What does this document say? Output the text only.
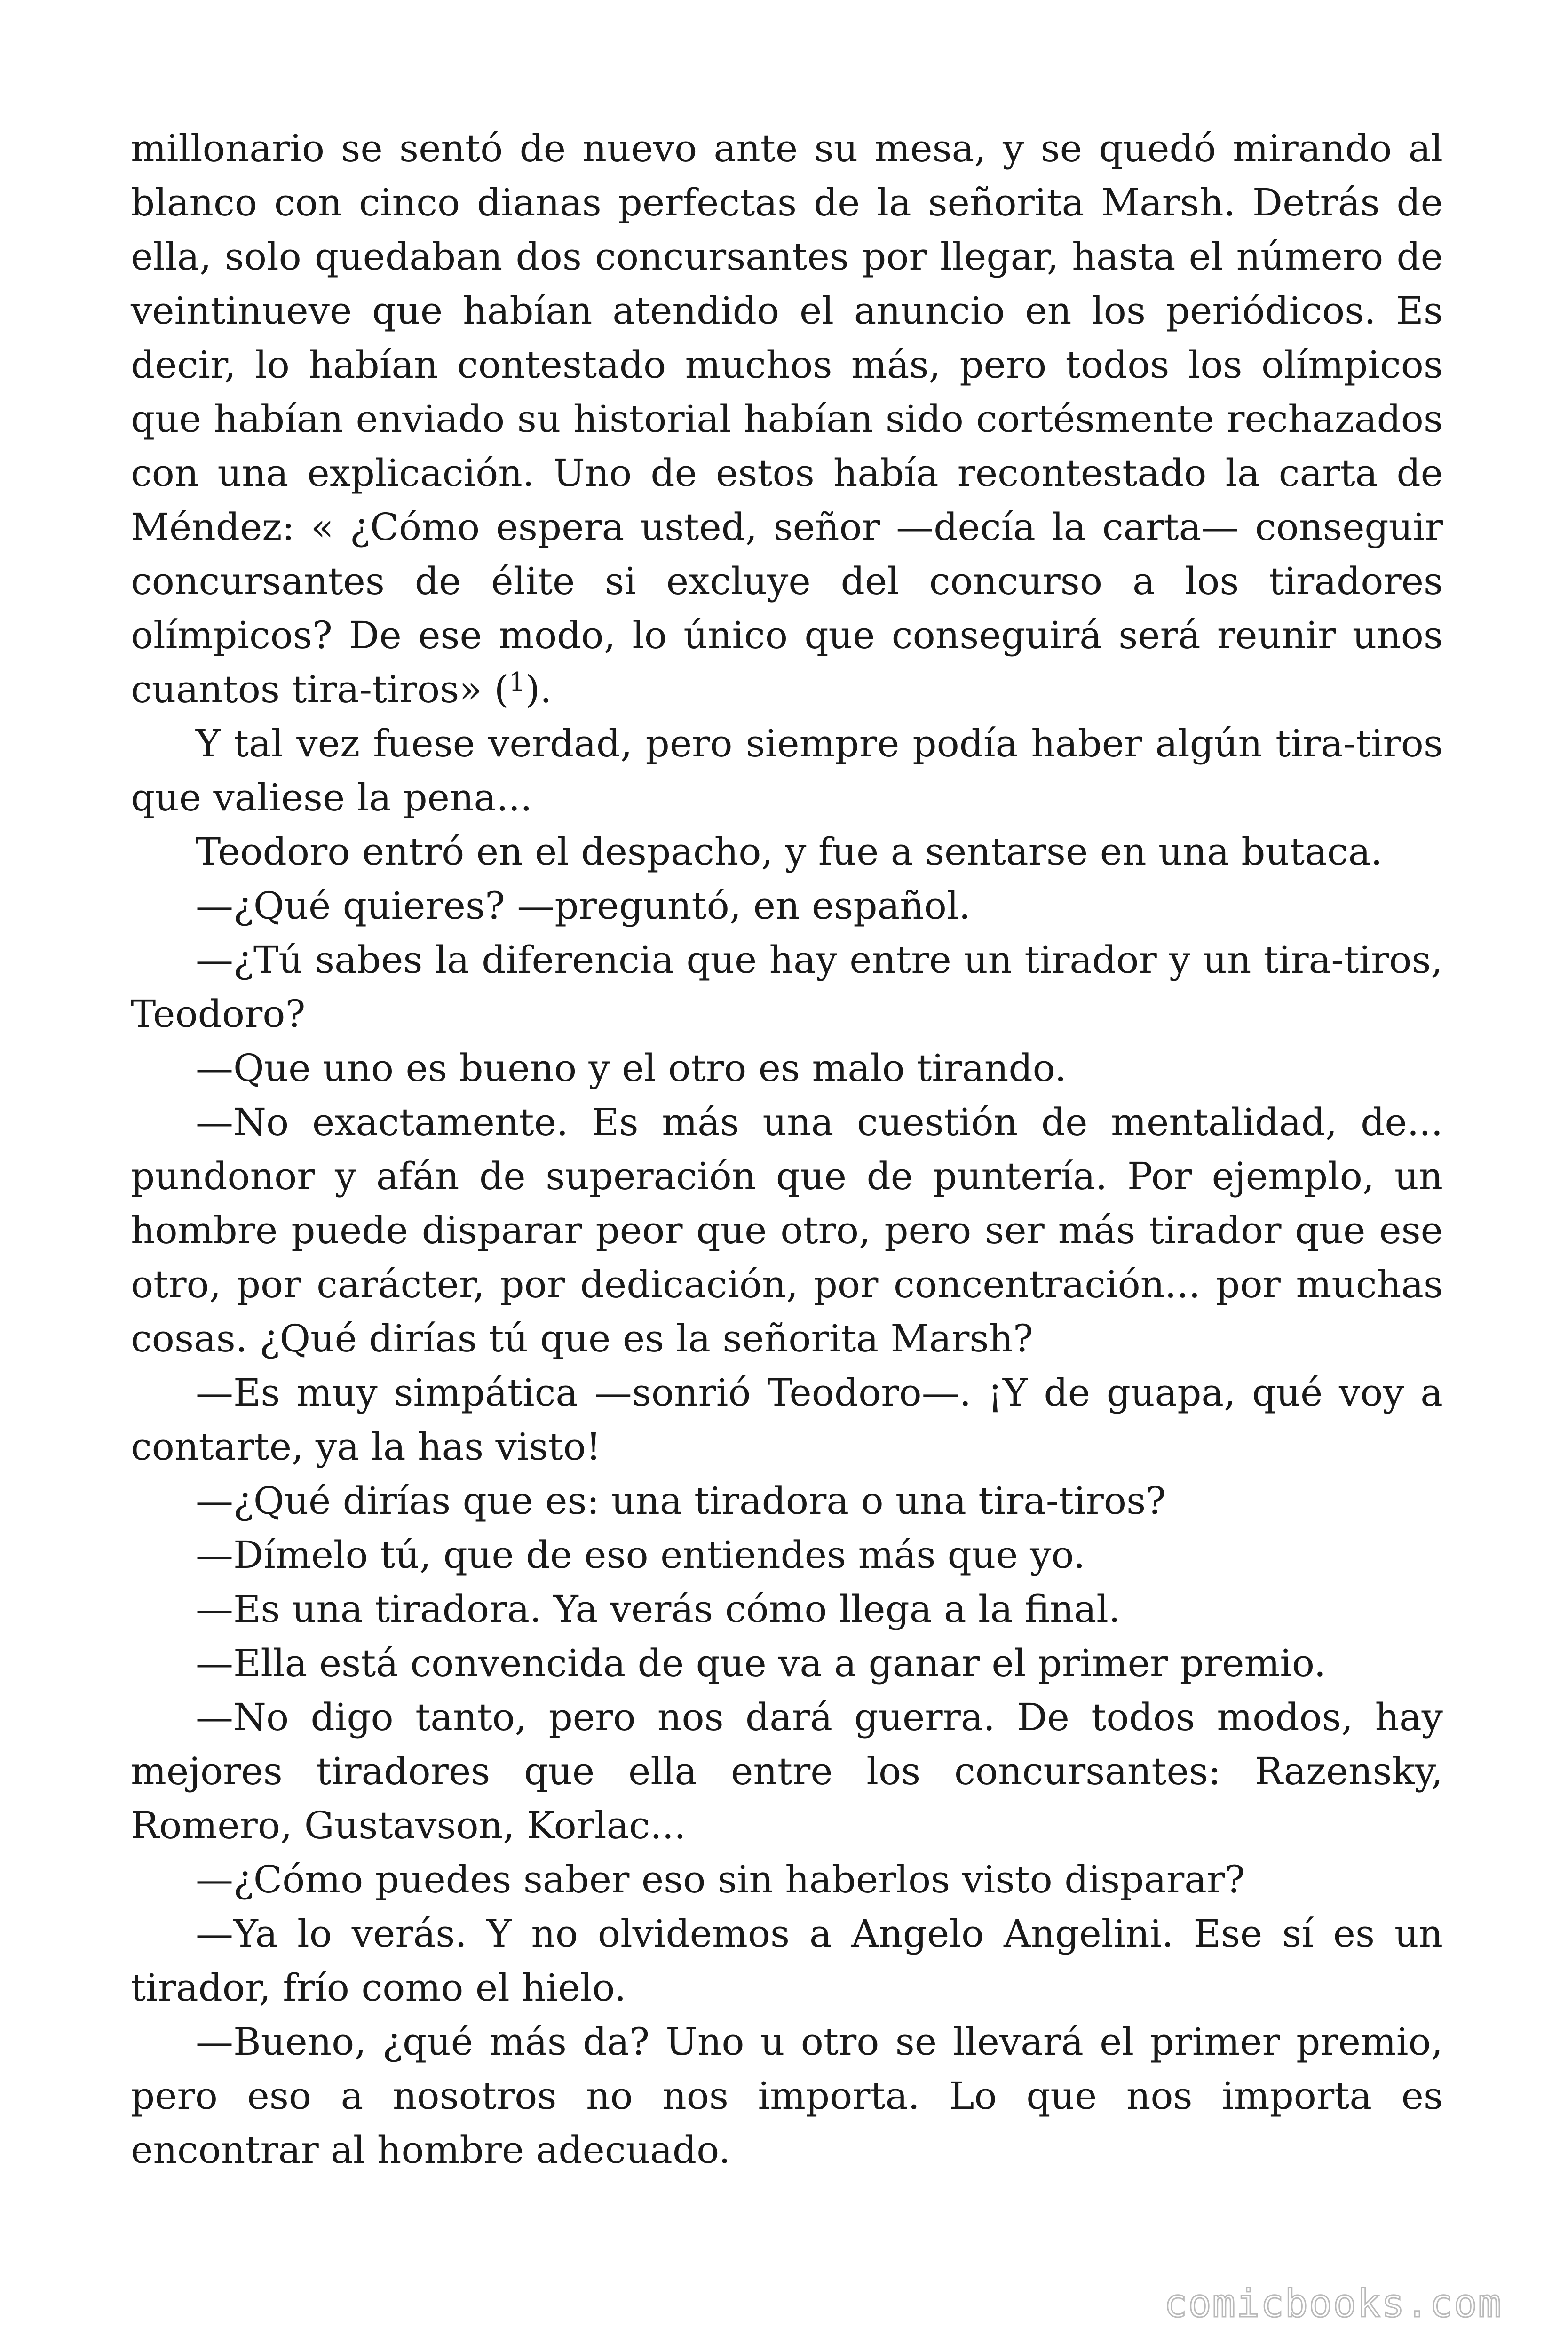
millonario se sentó de nuevo ante su mesa, y se quedó mirando al blanco con cinco dianas perfectas de la señorita Marsh. Detrás de ella, solo quedaban dos concursantes por llegar, hasta el número de veintinueve que habían atendido el anuncio en los periódicos. Es decir, lo habían contestado muchos más, pero todos los olímpicos que habían enviado su historial habían sido cortésmente rechazados con una explicación. Uno de estos había recontestado la carta de Méndez: « ¿Cómo espera usted, señor —decía la carta— conseguir concursantes de élite si excluye del concurso a los tiradores olímpicos? De ese modo, lo único que conseguirá será reunir unos cuantos tira-tiros» ($^1$).

Y tal vez fuese verdad, pero siempre podía haber algún tira-tiros que valiese la pena...

Teodoro entró en el despacho, y fue a sentarse en una butaca.

—¿Qué quieres? —preguntó, en español.

—¿Tú sabes la diferencia que hay entre un tirador y un tira-tiros, Teodoro?

—Que uno es bueno y el otro es malo tirando.

—No exactamente. Es más una cuestión de mentalidad, de... pundonor y afán de superación que de puntería. Por ejemplo, un hombre puede disparar peor que otro, pero ser más tirador que ese otro, por carácter, por dedicación, por concentración... por muchas cosas. ¿Qué dirías tú que es la señorita Marsh?

—Es muy simpática —sonrió Teodoro—. ¡Y de guapa, qué voy a contarte, ya la has visto!

—¿Qué dirías que es: una tiradora o una tira-tiros?

—Dímelo tú, que de eso entiendes más que yo.

—Es una tiradora. Ya verás cómo llega a la final.

—Ella está convencida de que va a ganar el primer premio.

—No digo tanto, pero nos dará guerra. De todos modos, hay mejores tiradores que ella entre los concursantes: Razensky, Romero, Gustavson, Korlac...

—¿Cómo puedes saber eso sin haberlos visto disparar?

—Ya lo verás. Y no olvidemos a Angelo Angelini. Ese sí es un tirador, frío como el hielo.

—Bueno, ¿qué más da? Uno u otro se llevará el primer premio, pero eso a nosotros no nos importa. Lo que nos importa es encontrar al hombre adecuado.

comicbooks.com
